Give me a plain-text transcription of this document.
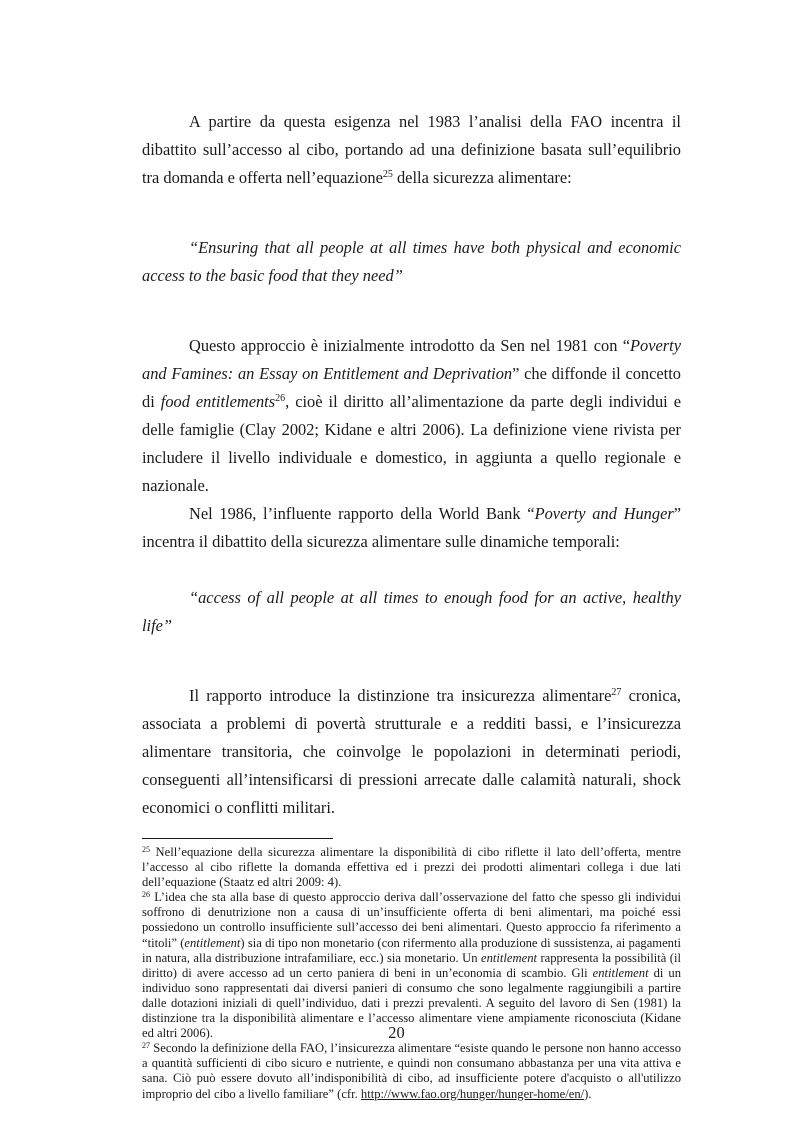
A partire da questa esigenza nel 1983 l’analisi della FAO incentra il dibattito sull’accesso al cibo, portando ad una definizione basata sull’equilibrio tra domanda e offerta nell’equazione$^{25}$ della sicurezza alimentare:

“Ensuring that all people at all times have both physical and economic access to the basic food that they need”

Questo approccio è inizialmente introdotto da Sen nel 1981 con “Poverty and Famines: an Essay on Entitlement and Deprivation” che diffonde il concetto di food entitlements$^{26}$, cioè il diritto all’alimentazione da parte degli individui e delle famiglie (Clay 2002; Kidane e altri 2006). La definizione viene rivista per includere il livello individuale e domestico, in aggiunta a quello regionale e nazionale.

Nel 1986, l’influente rapporto della World Bank “Poverty and Hunger” incentra il dibattito della sicurezza alimentare sulle dinamiche temporali:

“access of all people at all times to enough food for an active, healthy life”

Il rapporto introduce la distinzione tra insicurezza alimentare$^{27}$ cronica, associata a problemi di povertà strutturale e a redditi bassi, e l’insicurezza alimentare transitoria, che coinvolge le popolazioni in determinati periodi, conseguenti all’intensificarsi di pressioni arrecate dalle calamità naturali, shock economici o conflitti militari.

$^{25}$ Nell’equazione della sicurezza alimentare la disponibilità di cibo riflette il lato dell’offerta, mentre l’accesso al cibo riflette la domanda effettiva ed i prezzi dei prodotti alimentari collega i due lati dell’equazione (Staatz ed altri 2009: 4).

$^{26}$ L’idea che sta alla base di questo approccio deriva dall’osservazione del fatto che spesso gli individui soffrono di denutrizione non a causa di un’insufficiente offerta di beni alimentari, ma poiché essi possiedono un controllo insufficiente sull’accesso dei beni alimentari. Questo approccio fa riferimento a “titoli” (entitlement) sia di tipo non monetario (con rifermento alla produzione di sussistenza, ai pagamenti in natura, alla distribuzione intrafamiliare, ecc.) sia monetario. Un entitlement rappresenta la possibilità (il diritto) di avere accesso ad un certo paniera di beni in un’economia di scambio. Gli entitlement di un individuo sono rappresentati dai diversi panieri di consumo che sono legalmente raggiungibili a partire dalle dotazioni iniziali di quell’individuo, dati i prezzi prevalenti. A seguito del lavoro di Sen (1981) la distinzione tra la disponibilità alimentare e l’accesso alimentare viene ampiamente riconosciuta (Kidane ed altri 2006).

$^{27}$ Secondo la definizione della FAO, l’insicurezza alimentare “esiste quando le persone non hanno accesso a quantità sufficienti di cibo sicuro e nutriente, e quindi non consumano abbastanza per una vita attiva e sana. Ciò può essere dovuto all’indisponibilità di cibo, ad insufficiente potere d'acquisto o all'utilizzo improprio del cibo a livello familiare” (cfr. http://www.fao.org/hunger/hunger-home/en/).

20
